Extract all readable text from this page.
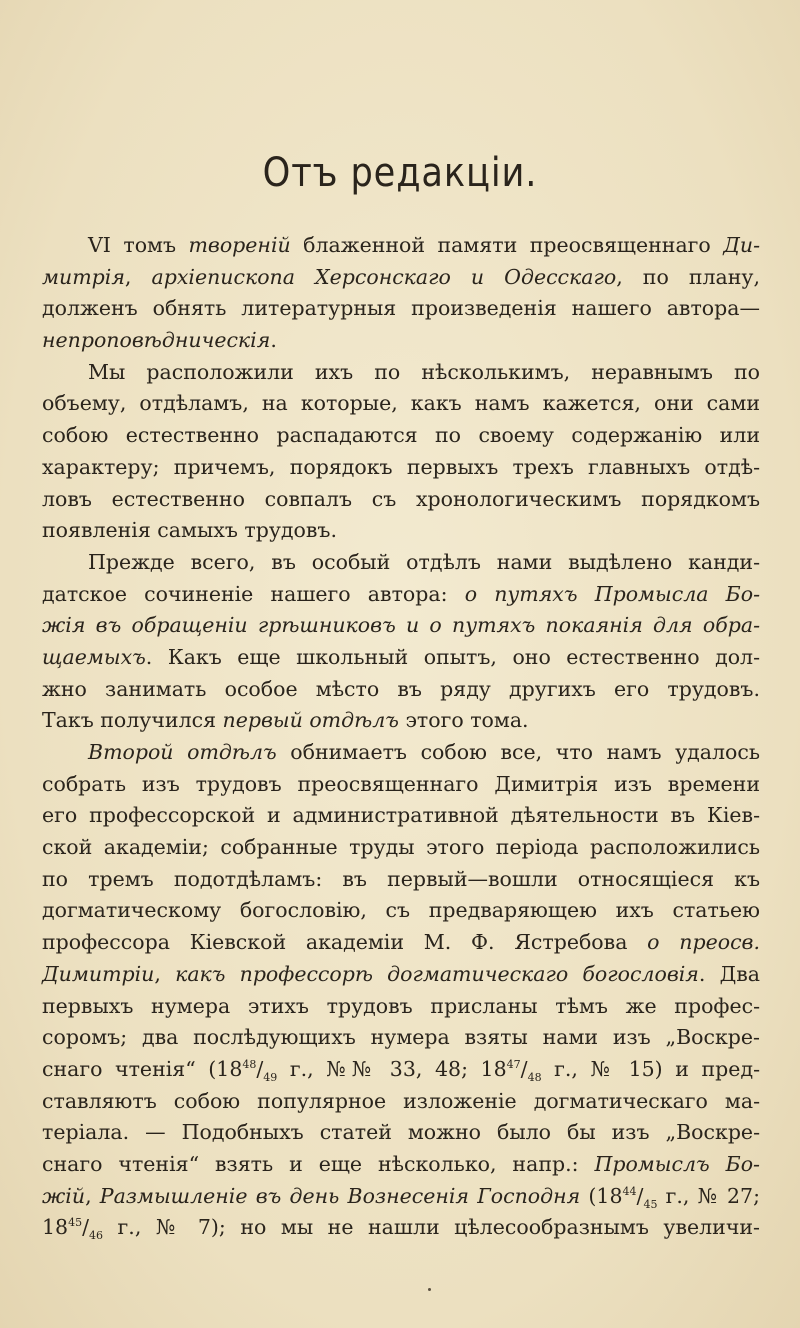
Отъ редакціи.
VI томъ твореній блаженной памяти преосвященнаго Ди-
митрія, архіепископа Херсонскаго и Одесскаго, по плану,
долженъ обнять литературныя произведенія нашего автора—
непроповѣдническія.
Мы расположили ихъ по нѣсколькимъ, неравнымъ по
объему, отдѣламъ, на которые, какъ намъ кажется, они сами
собою естественно распадаются по своему содержанію или
характеру; причемъ, порядокъ первыхъ трехъ главныхъ отдѣ-
ловъ естественно совпалъ съ хронологическимъ порядкомъ
появленія самыхъ трудовъ.
Прежде всего, въ особый отдѣлъ нами выдѣлено канди-
датское сочиненіе нашего автора: о путяхъ Промысла Бо-
жія въ обращеніи грѣшниковъ и о путяхъ покаянія для обра-
щаемыхъ. Какъ еще школьный опытъ, оно естественно дол-
жно занимать особое мѣсто въ ряду другихъ его трудовъ.
Такъ получился первый отдѣлъ этого тома.
Второй отдѣлъ обнимаетъ собою все, что намъ удалось
собрать изъ трудовъ преосвященнаго Димитрія изъ времени
его профессорской и административной дѣятельности въ Кіев-
ской академіи; собранные труды этого періода расположились
по тремъ подотдѣламъ: въ первый—вошли относящіеся къ
догматическому богословію, съ предваряющею ихъ статьею
профессора Кіевской академіи М. Ф. Ястребова о преосв.
Димитріи, какъ профессорѣ догматическаго богословія. Два
первыхъ нумера этихъ трудовъ присланы тѣмъ же профес-
соромъ; два послѣдующихъ нумера взяты нами изъ „Воскре-
снаго чтенія“ ($18^{48}/_{49}$ г., №№ 33, 48; $18^{47}/_{48}$ г., № 15) и пред-
ставляютъ собою популярное изложеніе догматическаго ма-
теріала. — Подобныхъ статей можно было бы изъ „Воскре-
снаго чтенія“ взять и еще нѣсколько, напр.: Промыслъ Бо-
жій, Размышленіе въ день Вознесенія Господня ($18^{44}/_{45}$ г., № 27;
$18^{45}/_{46}$ г., № 7); но мы не нашли цѣлесообразнымъ увеличи-
